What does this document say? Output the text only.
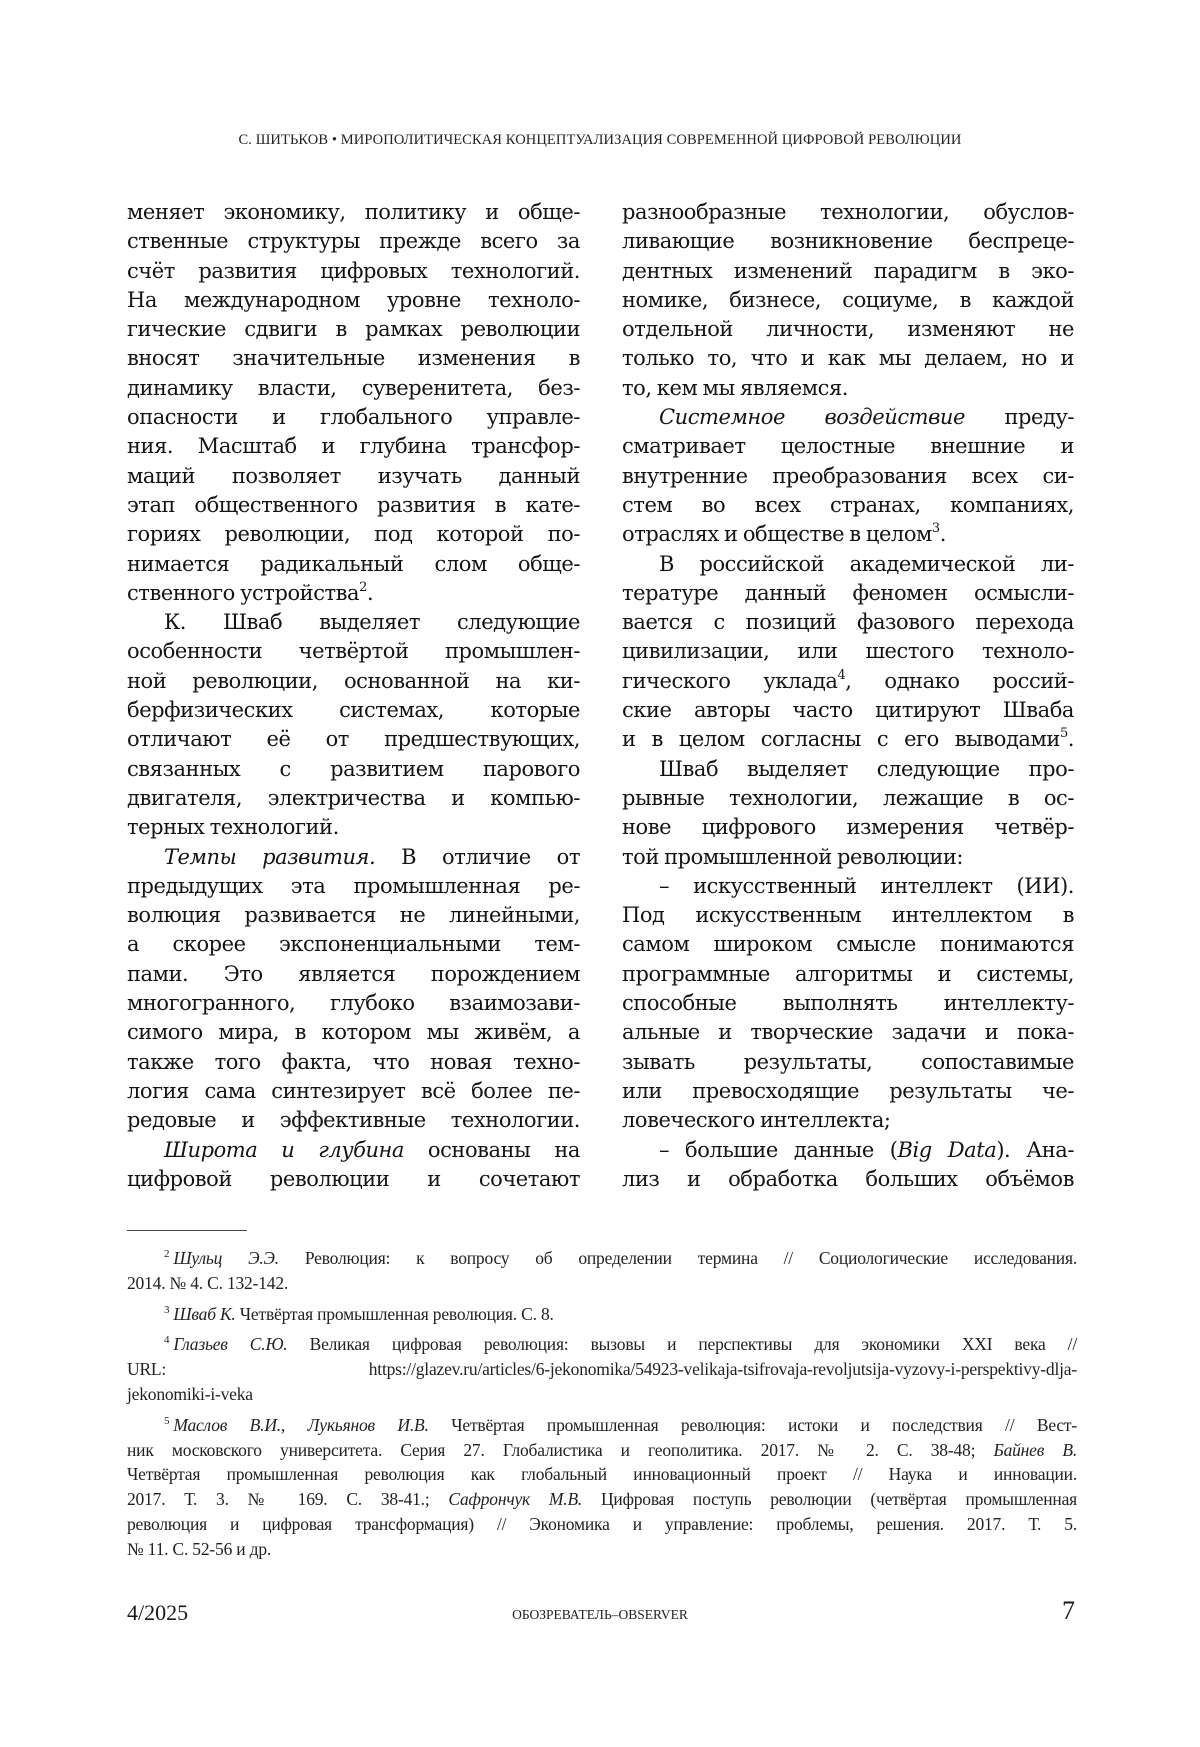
С. ШИТЬКОВ • МИРОПОЛИТИЧЕСКАЯ КОНЦЕПТУАЛИЗАЦИЯ СОВРЕМЕННОЙ ЦИФРОВОЙ РЕВОЛЮЦИИ
меняет экономику, политику и обще-
ственные структуры прежде всего за
счёт развития цифровых технологий.
На международном уровне техноло-
гические сдвиги в рамках революции
вносят значительные изменения в
динамику власти, суверенитета, без-
опасности и глобального управле-
ния. Масштаб и глубина трансфор-
маций позволяет изучать данный
этап общественного развития в кате-
гориях революции, под которой по-
нимается радикальный слом обще-
ственного устройства$^2$.
К. Шваб выделяет следующие
особенности четвёртой промышлен-
ной революции, основанной на ки-
берфизических системах, которые
отличают её от предшествующих,
связанных с развитием парового
двигателя, электричества и компью-
терных технологий.
Темпы развития. В отличие от
предыдущих эта промышленная ре-
волюция развивается не линейными,
а скорее экспоненциальными тем-
пами. Это является порождением
многогранного, глубоко взаимозави-
симого мира, в котором мы живём, а
также того факта, что новая техно-
логия сама синтезирует всё более пе-
редовые и эффективные технологии.
Широта и глубина основаны на
цифровой революции и сочетают
разнообразные технологии, обуслов-
ливающие возникновение беспреце-
дентных изменений парадигм в эко-
номике, бизнесе, социуме, в каждой
отдельной личности, изменяют не
только то, что и как мы делаем, но и
то, кем мы являемся.
Системное воздействие преду-
сматривает целостные внешние и
внутренние преобразования всех си-
стем во всех странах, компаниях,
отраслях и обществе в целом$^3$.
В российской академической ли-
тературе данный феномен осмысли-
вается с позиций фазового перехода
цивилизации, или шестого техноло-
гического уклада$^4$, однако россий-
ские авторы часто цитируют Шваба
и в целом согласны с его выводами$^5$.
Шваб выделяет следующие про-
рывные технологии, лежащие в ос-
нове цифрового измерения четвёр-
той промышленной революции:
– искусственный интеллект (ИИ).
Под искусственным интеллектом в
самом широком смысле понимаются
программные алгоритмы и системы,
способные выполнять интеллекту-
альные и творческие задачи и пока-
зывать результаты, сопоставимые
или превосходящие результаты че-
ловеческого интеллекта;
– большие данные (Big Data). Ана-
лиз и обработка больших объёмов
$^2$ Шульц Э.Э. Революция: к вопросу об определении термина // Социологические исследования.
2014. № 4. С. 132-142.
$^3$ Шваб К. Четвёртая промышленная революция. С. 8.
$^4$ Глазьев С.Ю. Великая цифровая революция: вызовы и перспективы для экономики XXI века //
URL: https://glazev.ru/articles/6-jekonomika/54923-velikaja-tsifrovaja-revoljutsija-vyzovy-i-perspektivy-dlja-
jekonomiki-i-veka
$^5$ Маслов В.И., Лукьянов И.В. Четвёртая промышленная революция: истоки и последствия // Вест-
ник московского университета. Серия 27. Глобалистика и геополитика. 2017. № 2. С. 38-48; Байнев В.
Четвёртая промышленная революция как глобальный инновационный проект // Наука и инновации.
2017. Т. 3. № 169. С. 38-41.; Сафрончук М.В. Цифровая поступь революции (четвёртая промышленная
революция и цифровая трансформация) // Экономика и управление: проблемы, решения. 2017. Т. 5.
№ 11. С. 52-56 и др.
4/2025	ОБОЗРЕВАТЕЛЬ–OBSERVER	7
